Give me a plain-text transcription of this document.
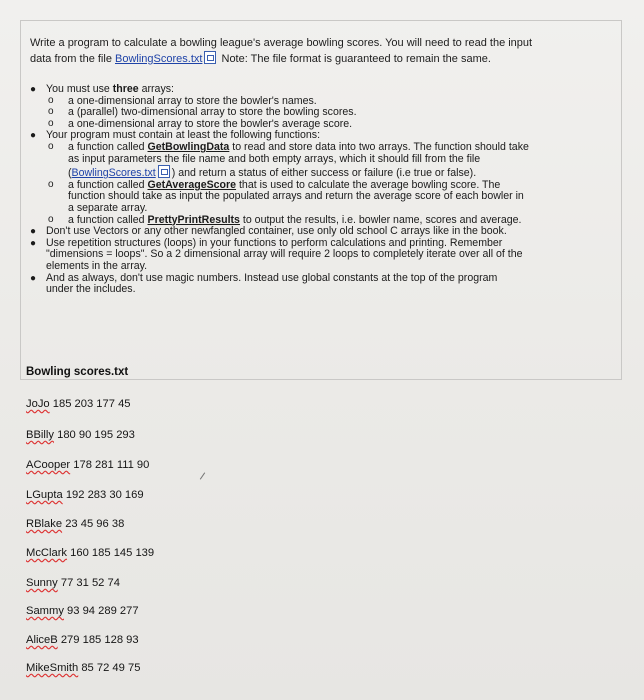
Write a program to calculate a bowling league's average bowling scores. You will need to read the input
data from the file BowlingScores.txt Note: The file format is guaranteed to remain the same.
● You must use three arrays:
o a one-dimensional array to store the bowler's names.
o a (parallel) two-dimensional array to store the bowling scores.
o a one-dimensional array to store the bowler's average score.
● Your program must contain at least the following functions:
o a function called GetBowlingData to read and store data into two arrays. The function should take
as input parameters the file name and both empty arrays, which it should fill from the file
(BowlingScores.txt ) and return a status of either success or failure (i.e true or false).
o a function called GetAverageScore that is used to calculate the average bowling score. The
function should take as input the populated arrays and return the average score of each bowler in
a separate array.
o a function called PrettyPrintResults to output the results, i.e. bowler name, scores and average.
● Don't use Vectors or any other newfangled container, use only old school C arrays like in the book.
● Use repetition structures (loops) in your functions to perform calculations and printing. Remember
"dimensions = loops". So a 2 dimensional array will require 2 loops to completely iterate over all of the
elements in the array.
● And as always, don't use magic numbers. Instead use global constants at the top of the program
under the includes.
Bowling scores.txt
JoJo 185 203 177 45
BBilly 180 90 195 293
ACooper 178 281 111 90
LGupta 192 283 30 169
RBlake 23 45 96 38
McClark 160 185 145 139
Sunny 77 31 52 74
Sammy 93 94 289 277
AliceB 279 185 128 93
MikeSmith 85 72 49 75
